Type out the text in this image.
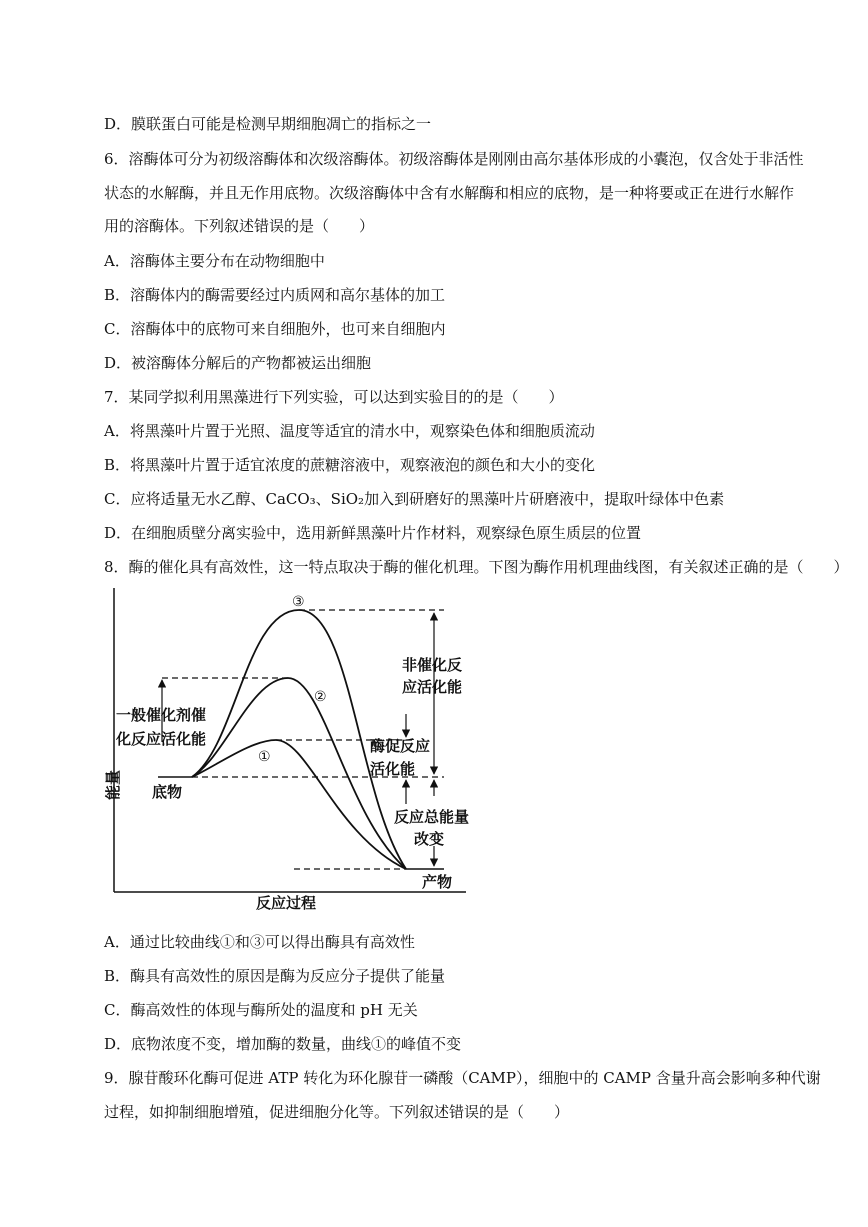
D．膜联蛋白可能是检测早期细胞凋亡的指标之一
6．溶酶体可分为初级溶酶体和次级溶酶体。初级溶酶体是刚刚由高尔基体形成的小囊泡，仅含处于非活性
状态的水解酶，并且无作用底物。次级溶酶体中含有水解酶和相应的底物，是一种将要或正在进行水解作
用的溶酶体。下列叙述错误的是（　　）
A．溶酶体主要分布在动物细胞中
B．溶酶体内的酶需要经过内质网和高尔基体的加工
C．溶酶体中的底物可来自细胞外，也可来自细胞内
D．被溶酶体分解后的产物都被运出细胞
7．某同学拟利用黑藻进行下列实验，可以达到实验目的的是（　　）
A．将黑藻叶片置于光照、温度等适宜的清水中，观察染色体和细胞质流动
B．将黑藻叶片置于适宜浓度的蔗糖溶液中，观察液泡的颜色和大小的变化
C．应将适量无水乙醇、CaCO₃、SiO₂加入到研磨好的黑藻叶片研磨液中，提取叶绿体中色素
D．在细胞质壁分离实验中，选用新鲜黑藻叶片作材料，观察绿色原生质层的位置
8．酶的催化具有高效性，这一特点取决于酶的催化机理。下图为酶作用机理曲线图，有关叙述正确的是（　　）
能量
反应过程
底物
产物
③
②
①
非催化反
应活化能
一般催化剂催
化反应活化能	酶促反应
活化能
反应总能量
改变
A．通过比较曲线①和③可以得出酶具有高效性
B．酶具有高效性的原因是酶为反应分子提供了能量
C．酶高效性的体现与酶所处的温度和 pH 无关
D．底物浓度不变，增加酶的数量，曲线①的峰值不变
9．腺苷酸环化酶可促进 ATP 转化为环化腺苷一磷酸（CAMP），细胞中的 CAMP 含量升高会影响多种代谢
过程，如抑制细胞增殖，促进细胞分化等。下列叙述错误的是（　　）
